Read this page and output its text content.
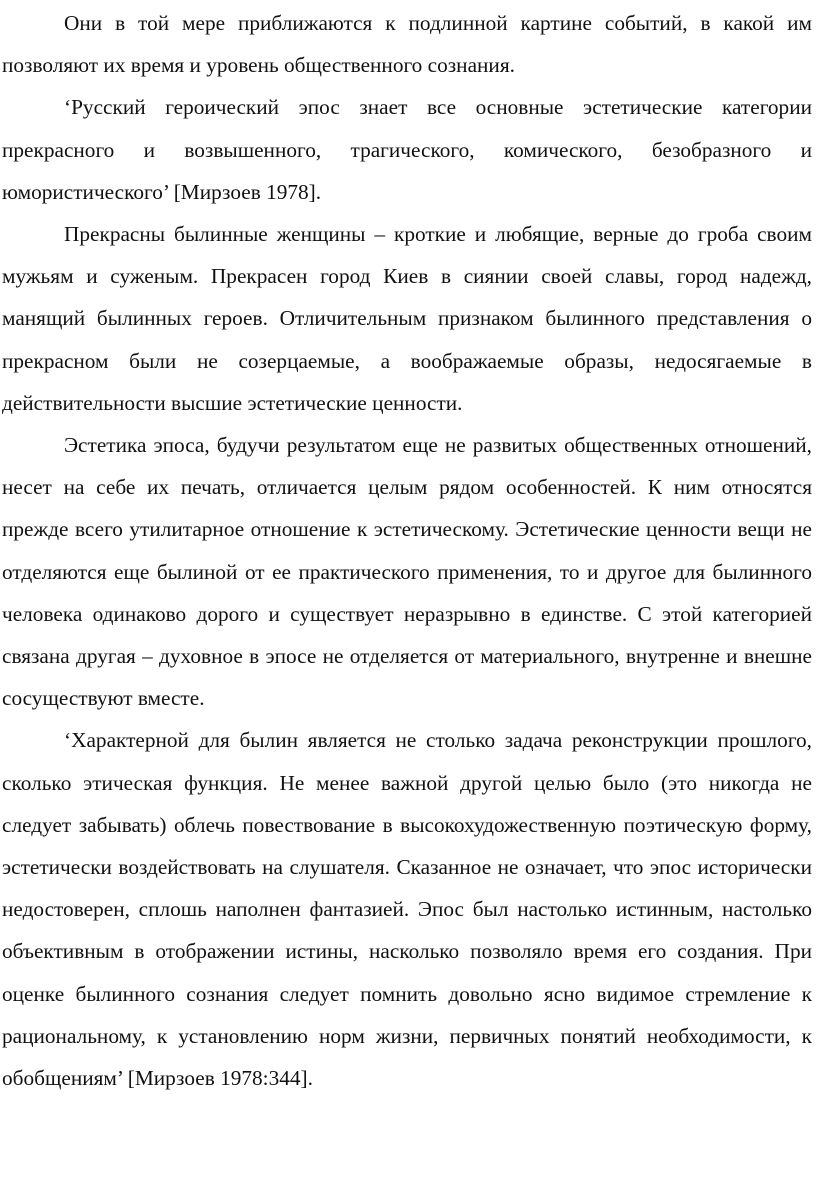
Они в той мере приближаются к подлинной картине событий, в какой им позволяют их время и уровень общественного сознания.

‘Русский героический эпос знает все основные эстетические категории прекрасного и возвышенного, трагического, комического, безобразного и юмористического’ [Мирзоев 1978].

Прекрасны былинные женщины – кроткие и любящие, верные до гроба своим мужьям и суженым. Прекрасен город Киев в сиянии своей славы, город надежд, манящий былинных героев. Отличительным признаком былинного представления о прекрасном были не созерцаемые, а воображаемые образы, недосягаемые в действительности высшие эстетические ценности.

Эстетика эпоса, будучи результатом еще не развитых общественных отношений, несет на себе их печать, отличается целым рядом особенностей. К ним относятся прежде всего утилитарное отношение к эстетическому. Эстетические ценности вещи не отделяются еще былиной от ее практического применения, то и другое для былинного человека одинаково дорого и существует неразрывно в единстве. С этой категорией связана другая – духовное в эпосе не отделяется от материального, внутренне и внешне сосуществуют вместе.

‘Характерной для былин является не столько задача реконструкции прошлого, сколько этическая функция. Не менее важной другой целью было (это никогда не следует забывать) облечь повествование в высокохудожественную поэтическую форму, эстетически воздействовать на слушателя. Сказанное не означает, что эпос исторически недостоверен, сплошь наполнен фантазией. Эпос был настолько истинным, настолько объективным в отображении истины, насколько позволяло время его создания. При оценке былинного сознания следует помнить довольно ясно видимое стремление к рациональному, к установлению норм жизни, первичных понятий необходимости, к обобщениям’ [Мирзоев 1978:344].
